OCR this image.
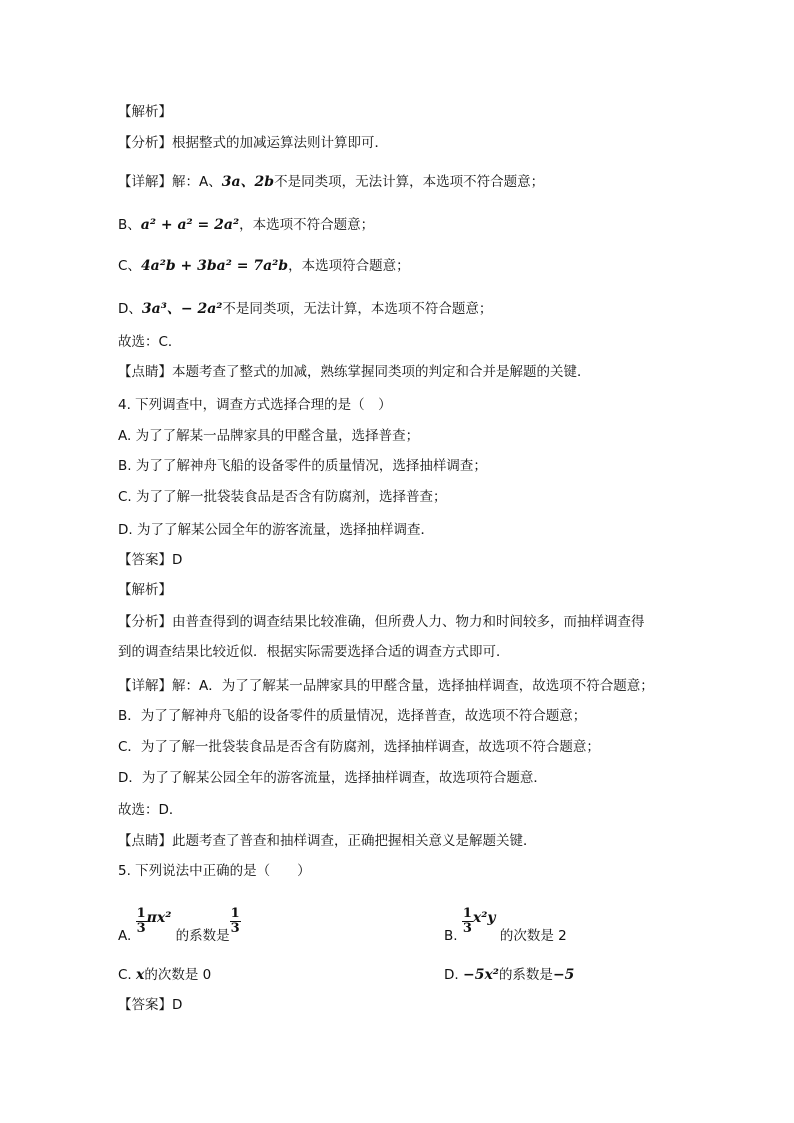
【解析】
【分析】根据整式的加减运算法则计算即可．
【详解】解：A、3a、2b不是同类项，无法计算，本选项不符合题意；
B、a² + a² = 2a²，本选项不符合题意；
C、4a²b + 3ba² = 7a²b，本选项符合题意；
D、3a³、− 2a²不是同类项，无法计算，本选项不符合题意；
故选：C．
【点睛】本题考查了整式的加减，熟练掌握同类项的判定和合并是解题的关键．
4. 下列调查中，调查方式选择合理的是（　）
A. 为了了解某一品牌家具的甲醛含量，选择普查；
B. 为了了解神舟飞船的设备零件的质量情况，选择抽样调查；
C. 为了了解一批袋装食品是否含有防腐剂，选择普查；
D. 为了了解某公园全年的游客流量，选择抽样调查．
【答案】D
【解析】
【分析】由普查得到的调查结果比较准确，但所费人力、物力和时间较多，而抽样调查得
到的调查结果比较近似．根据实际需要选择合适的调查方式即可．
【详解】解：A．为了了解某一品牌家具的甲醛含量，选择抽样调查，故选项不符合题意；
B．为了了解神舟飞船的设备零件的质量情况，选择普查，故选项不符合题意；
C．为了了解一批袋装食品是否含有防腐剂，选择抽样调查，故选项不符合题意；
D．为了了解某公园全年的游客流量，选择抽样调查，故选项符合题意．
故选：D．
【点睛】此题考查了普查和抽样调查，正确把握相关意义是解题关键．
5. 下列说法中正确的是（　　）
A. $\frac{1}{3} \pi x^2$ 的系数是 $\frac{1}{3}$	B. $\frac{1}{3} x^2y$ 的次数是 2
C. x的次数是 0	D. −5x²的系数是−5
【答案】D
